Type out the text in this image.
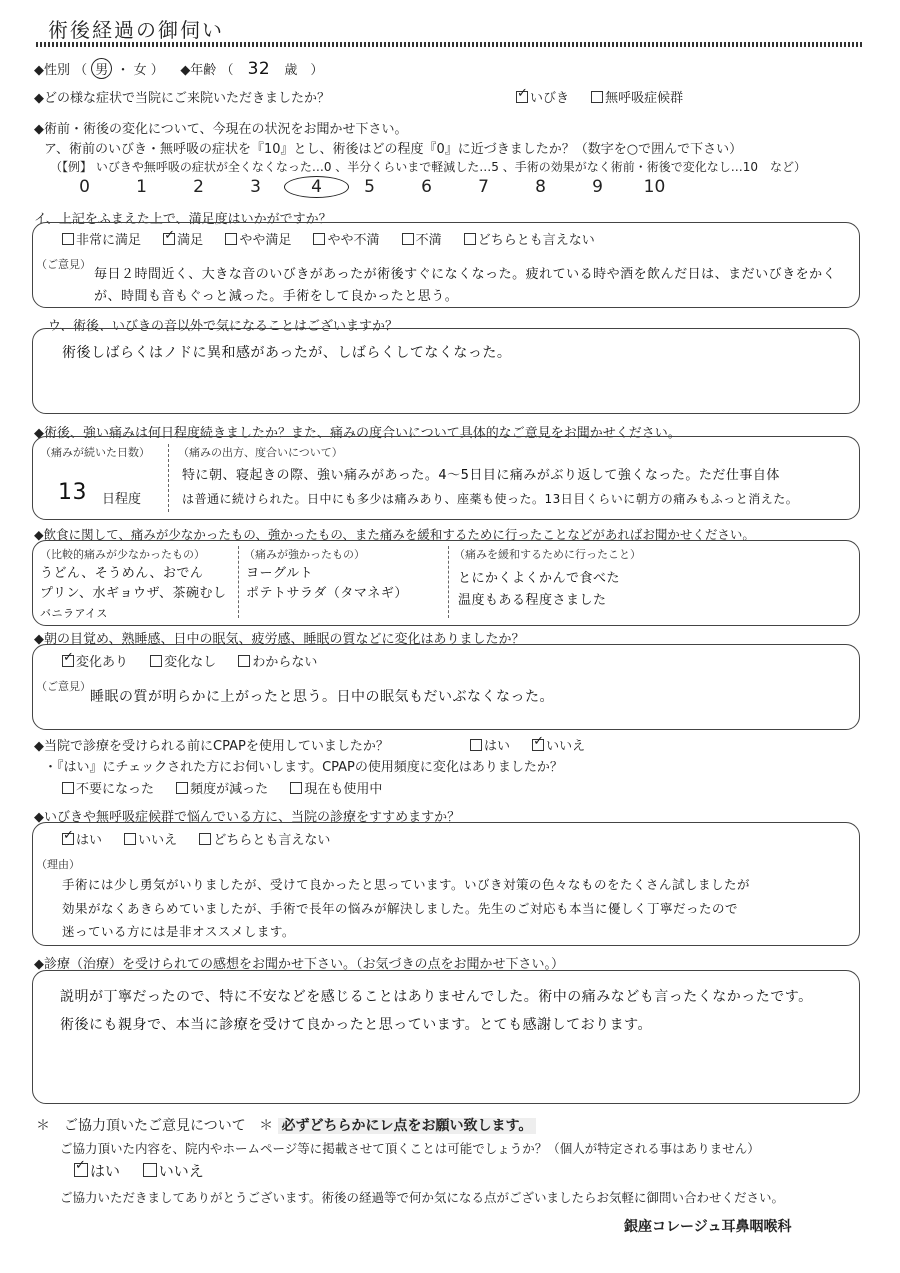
術後経過の御伺い
◆性別 （ 男 ・ 女 ） ◆年齢 （ 32 歳　）
◆どの様な症状で当院にご来院いただきましたか？ ✓	いびき	無呼吸症候群
◆術前・術後の変化について、今現在の状況をお聞かせ下さい。
ア、術前のいびき・無呼吸の症状を『10』とし、術後はどの程度『0』に近づきましたか？（数字を○で囲んで下さい）
（【例】 いびきや無呼吸の症状が全くなくなった…0 、半分くらいまで軽減した…5 、手術の効果がなく術前・術後で変化なし…10　など）
0	1	2	3	4 5	6	7	8	9 10
イ、上記をふまえた上で、満足度はいかがですか？
非常に満足 ✓	満足	やや満足	やや不満	不満	どちらとも言えない
（ご意見）
毎日２時間近く、大きな音のいびきがあったが術後すぐになくなった。疲れている時や酒を飲んだ日は、まだいびきをかく
が、時間も音もぐっと減った。手術をして良かったと思う。
ウ、術後、いびきの音以外で気になることはございますか？
術後しばらくはノドに異和感があったが、しばらくしてなくなった。
◆術後、強い痛みは何日程度続きましたか？また、痛みの度合いについて具体的なご意見をお聞かせください。
（痛みが続いた日数）
13 日程度
（痛みの出方、度合いについて）
特に朝、寝起きの際、強い痛みがあった。4〜5日目に痛みがぶり返して強くなった。ただ仕事自体
は普通に続けられた。日中にも多少は痛みあり、座薬も使った。13日目くらいに朝方の痛みもふっと消えた。
◆飲食に関して、痛みが少なかったもの、強かったもの、また痛みを緩和するために行ったことなどがあればお聞かせください。
（比較的痛みが少なかったもの）
うどん、そうめん、おでん
プリン、水ギョウザ、茶碗むし
バニラアイス
（痛みが強かったもの）
ヨーグルト
ポテトサラダ（タマネギ）
（痛みを緩和するために行ったこと）
とにかくよくかんで食べた
温度もある程度さました
◆朝の目覚め、熟睡感、日中の眠気、疲労感、睡眠の質などに変化はありましたか？
✓変化あり	変化なし	わからない
（ご意見）
睡眠の質が明らかに上がったと思う。日中の眠気もだいぶなくなった。
◆当院で診療を受けられる前にCPAPを使用していましたか？	はい ✓	いいえ
・『はい』にチェックされた方にお伺いします。CPAPの使用頻度に変化はありましたか？
不要になった	頻度が減った	現在も使用中
◆いびきや無呼吸症候群で悩んでいる方に、当院の診療をすすめますか？
✓はい	いいえ	どちらとも言えない
（理由）
手術には少し勇気がいりましたが、受けて良かったと思っています。いびき対策の色々なものをたくさん試しましたが
効果がなくあきらめていましたが、手術で長年の悩みが解決しました。先生のご対応も本当に優しく丁寧だったので
迷っている方には是非オススメします。
◆診療（治療）を受けられての感想をお聞かせ下さい。（お気づきの点をお聞かせ下さい。）
説明が丁寧だったので、特に不安などを感じることはありませんでした。術中の痛みなども言ったくなかったです。
術後にも親身で、本当に診療を受けて良かったと思っています。とても感謝しております。
＊　ご協力頂いたご意見について ＊ 必ずどちらかにレ点をお願い致します。
ご協力頂いた内容を、院内やホームページ等に掲載させて頂くことは可能でしょうか？（個人が特定される事はありません）
✓はい	いいえ
ご協力いただきましてありがとうございます。術後の経過等で何か気になる点がございましたらお気軽に御問い合わせください。
銀座コレージュ耳鼻咽喉科
